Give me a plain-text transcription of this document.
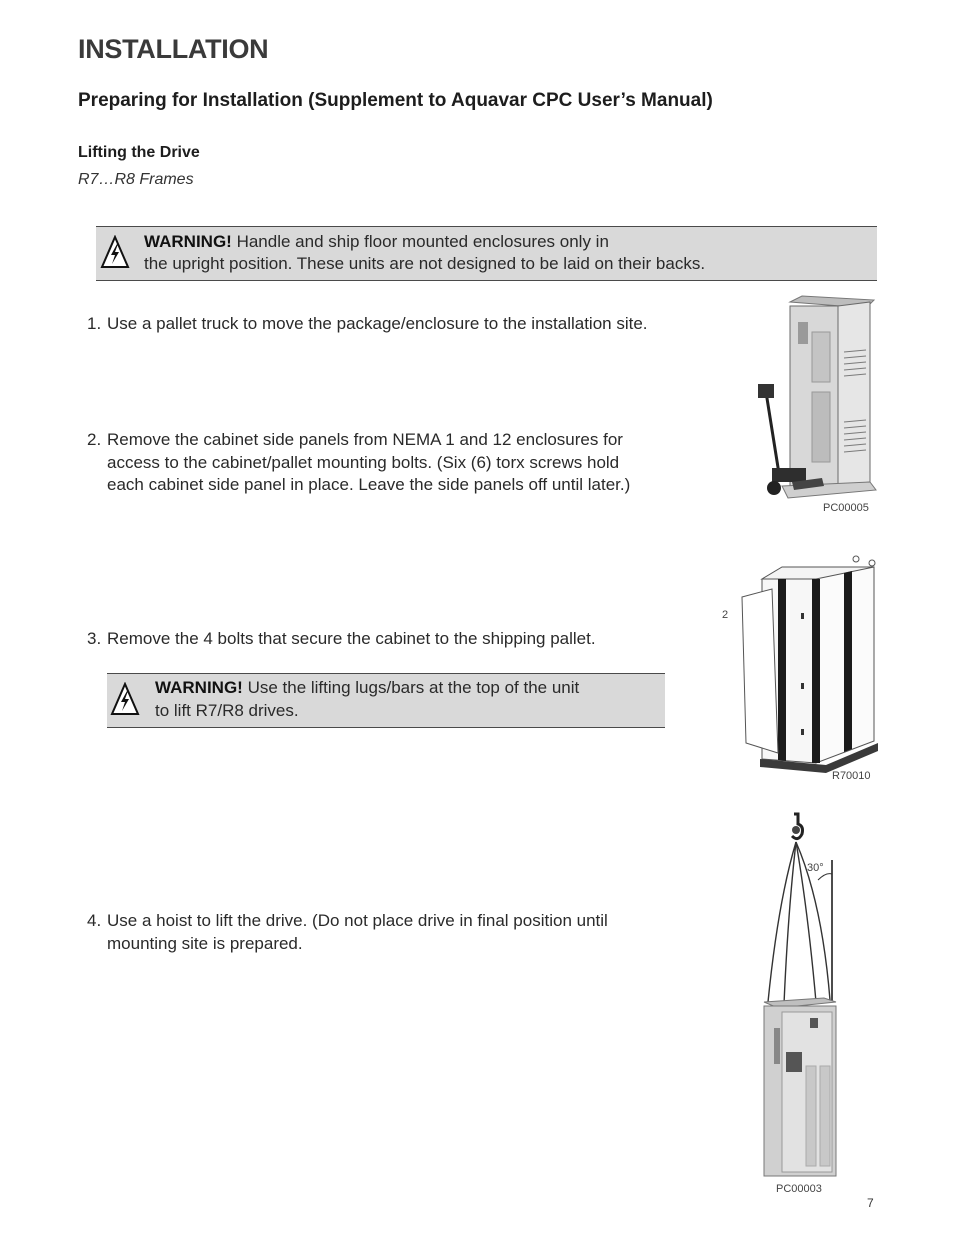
INSTALLATION
Preparing for Installation (Supplement to Aquavar CPC User’s Manual)
Lifting the Drive
R7…R8 Frames
WARNING! Handle and ship floor mounted enclosures only in
the upright position. These units are not designed to be laid on their backs.
1. Use a pallet truck to move the package/enclosure to the installation site.
2. Remove the cabinet side panels from NEMA 1 and 12 enclosures for
access to the cabinet/pallet mounting bolts. (Six (6) torx screws hold
each cabinet side panel in place. Leave the side panels off until later.)
3. Remove the 4 bolts that secure the cabinet to the shipping pallet.
WARNING! Use the lifting lugs/bars at the top of the unit
to lift R7/R8 drives.
4. Use a hoist to lift the drive. (Do not place drive in final position until
mounting site is prepared.
PC00005
2
R70010
30°
PC00003
7
